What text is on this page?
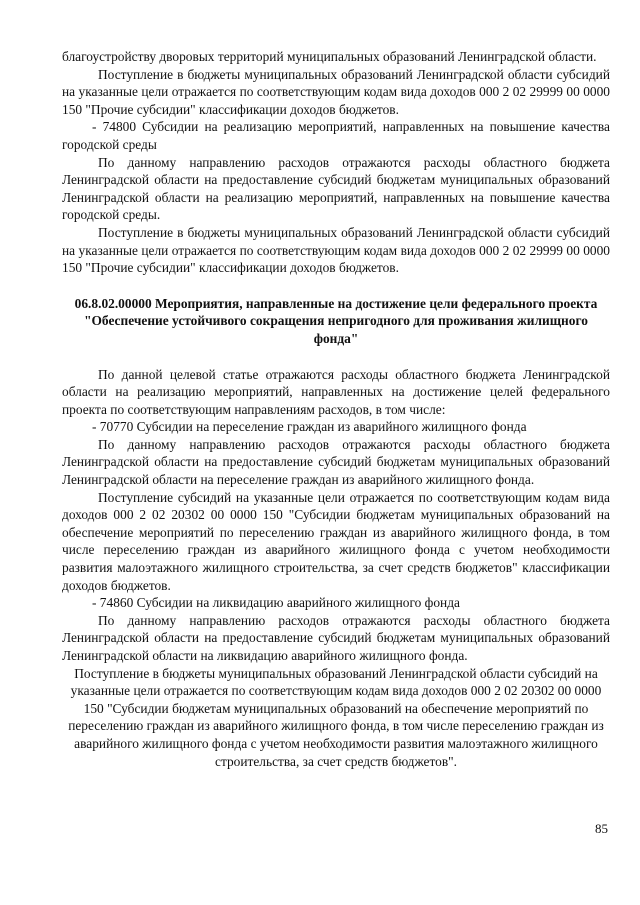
благоустройству дворовых территорий муниципальных образований Ленинградской области.

Поступление в бюджеты муниципальных образований Ленинградской области субсидий на указанные цели отражается по соответствующим кодам вида доходов 000 2 02 29999 00 0000 150 "Прочие субсидии" классификации доходов бюджетов.

- 74800 Субсидии на реализацию мероприятий, направленных на повышение качества городской среды

По данному направлению расходов отражаются расходы областного бюджета Ленинградской области на предоставление субсидий бюджетам муниципальных образований Ленинградской области на реализацию мероприятий, направленных на повышение качества городской среды.

Поступление в бюджеты муниципальных образований Ленинградской области субсидий на указанные цели отражается по соответствующим кодам вида доходов 000 2 02 29999 00 0000 150 "Прочие субсидии" классификации доходов бюджетов.

06.8.02.00000 Мероприятия, направленные на достижение цели федерального проекта "Обеспечение устойчивого сокращения непригодного для проживания жилищного фонда"

По данной целевой статье отражаются расходы областного бюджета Ленинградской области на реализацию мероприятий, направленных на достижение целей федерального проекта по соответствующим направлениям расходов, в том числе:

- 70770 Субсидии на переселение граждан из аварийного жилищного фонда

По данному направлению расходов отражаются расходы областного бюджета Ленинградской области на предоставление субсидий бюджетам муниципальных образований Ленинградской области на переселение граждан из аварийного жилищного фонда.

Поступление субсидий на указанные цели отражается по соответствующим кодам вида доходов 000 2 02 20302 00 0000 150 "Субсидии бюджетам муниципальных образований на обеспечение мероприятий по переселению граждан из аварийного жилищного фонда, в том числе переселению граждан из аварийного жилищного фонда с учетом необходимости развития малоэтажного жилищного строительства, за счет средств бюджетов" классификации доходов бюджетов.

- 74860 Субсидии на ликвидацию аварийного жилищного фонда

По данному направлению расходов отражаются расходы областного бюджета Ленинградской области на предоставление субсидий бюджетам муниципальных образований Ленинградской области на ликвидацию аварийного жилищного фонда.

Поступление в бюджеты муниципальных образований Ленинградской области субсидий на указанные цели отражается по соответствующим кодам вида доходов 000 2 02 20302 00 0000 150 "Субсидии бюджетам муниципальных образований на обеспечение мероприятий по переселению граждан из аварийного жилищного фонда, в том числе переселению граждан из аварийного жилищного фонда с учетом необходимости развития малоэтажного жилищного строительства, за счет средств бюджетов".

85
